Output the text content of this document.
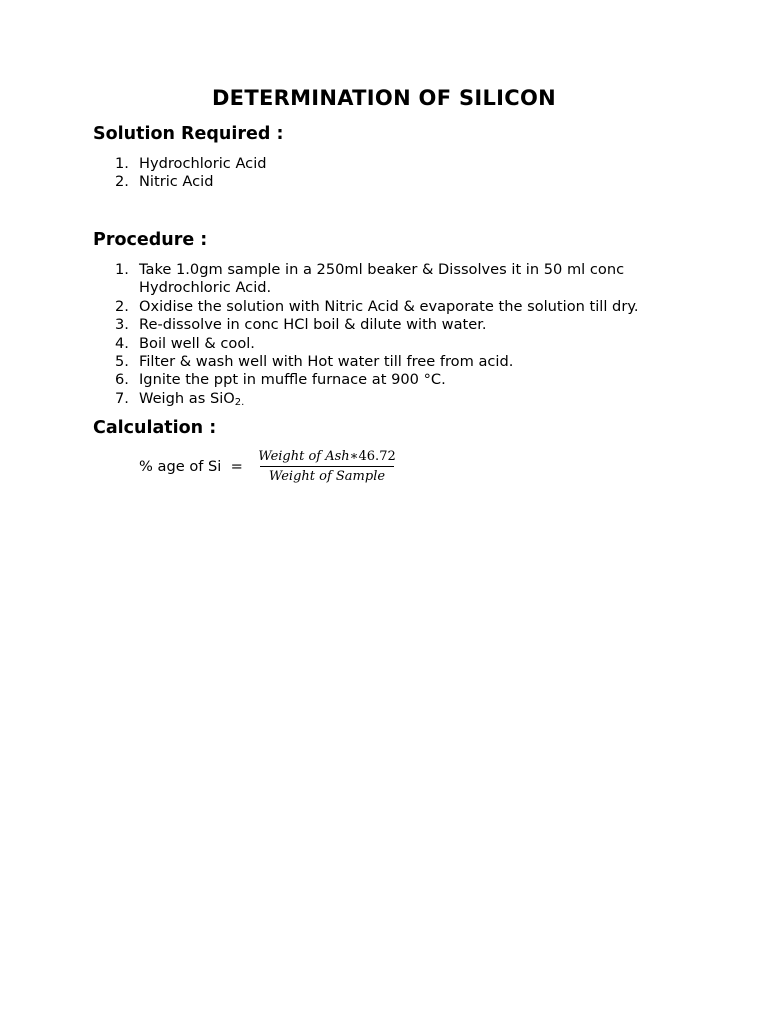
DETERMINATION OF SILICON
Solution Required :
1. Hydrochloric Acid
2. Nitric Acid
Procedure :
1. Take 1.0gm sample in a 250ml beaker & Dissolves it in 50 ml conc Hydrochloric Acid.
2. Oxidise the solution with Nitric Acid & evaporate the solution till dry.
3. Re-dissolve in conc HCl boil & dilute with water.
4. Boil well & cool.
5. Filter & wash well with Hot water till free from acid.
6. Ignite the ppt in muffle furnace at 900 °C.
7. Weigh as SiO$_{2.}$
Calculation :
% age of Si  =
Weight of Ash∗46.72
Weight of Sample
